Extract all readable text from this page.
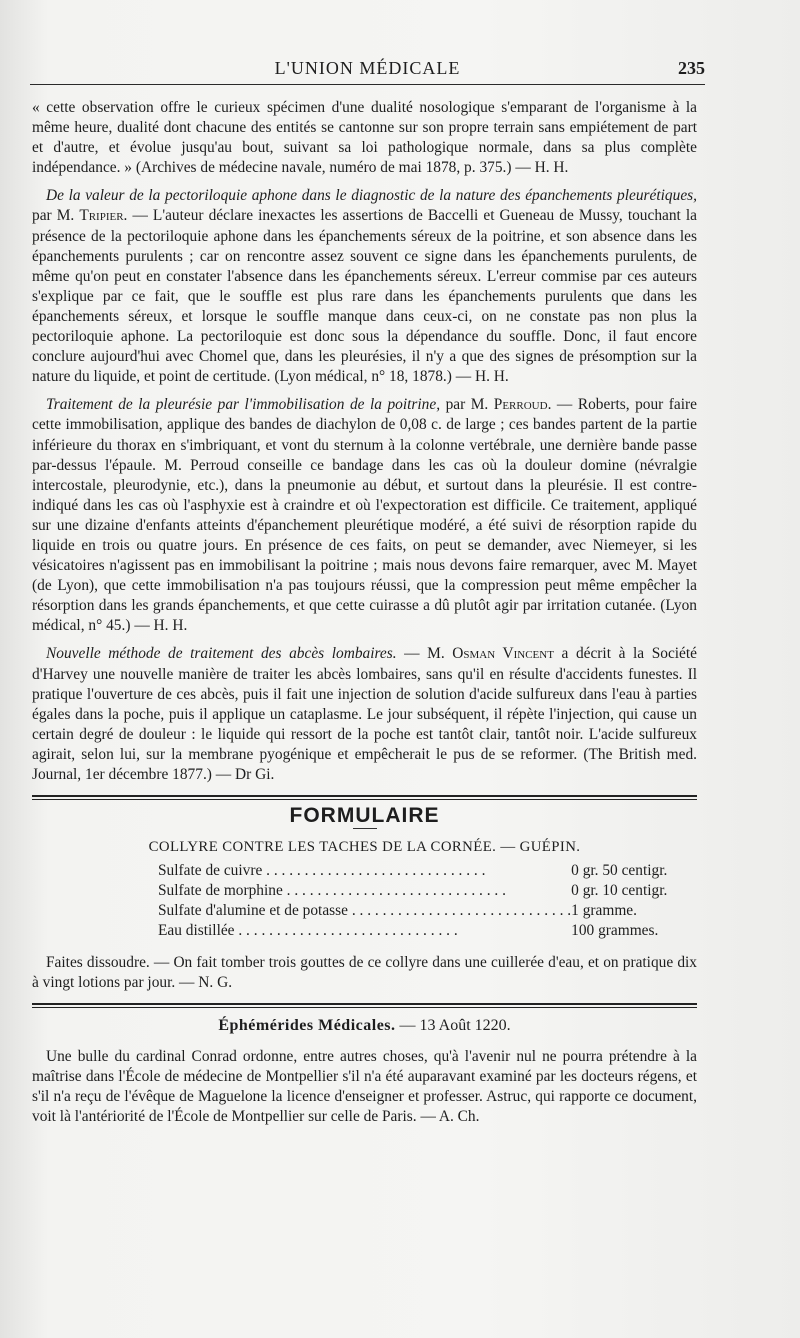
L'UNION MÉDICALE	235

« cette observation offre le curieux spécimen d'une dualité nosologique s'emparant de l'organisme à la même heure, dualité dont chacune des entités se cantonne sur son propre terrain sans empiétement de part et d'autre, et évolue jusqu'au bout, suivant sa loi pathologique normale, dans sa plus complète indépendance. » (Archives de médecine navale, numéro de mai 1878, p. 375.) — H. H.

De la valeur de la pectoriloquie aphone dans le diagnostic de la nature des épanchements pleurétiques, par M. Tripier. — L'auteur déclare inexactes les assertions de Baccelli et Gueneau de Mussy, touchant la présence de la pectoriloquie aphone dans les épanchements séreux de la poitrine, et son absence dans les épanchements purulents ; car on rencontre assez souvent ce signe dans les épanchements purulents, de même qu'on peut en constater l'absence dans les épanchements séreux. L'erreur commise par ces auteurs s'explique par ce fait, que le souffle est plus rare dans les épanchements purulents que dans les épanchements séreux, et lorsque le souffle manque dans ceux-ci, on ne constate pas non plus la pectoriloquie aphone. La pectoriloquie est donc sous la dépendance du souffle. Donc, il faut encore conclure aujourd'hui avec Chomel que, dans les pleurésies, il n'y a que des signes de présomption sur la nature du liquide, et point de certitude. (Lyon médical, n° 18, 1878.) — H. H.

Traitement de la pleurésie par l'immobilisation de la poitrine, par M. Perroud. — Roberts, pour faire cette immobilisation, applique des bandes de diachylon de 0,08 c. de large ; ces bandes partent de la partie inférieure du thorax en s'imbriquant, et vont du sternum à la colonne vertébrale, une dernière bande passe par-dessus l'épaule. M. Perroud conseille ce bandage dans les cas où la douleur domine (névralgie intercostale, pleurodynie, etc.), dans la pneumonie au début, et surtout dans la pleurésie. Il est contre-indiqué dans les cas où l'asphyxie est à craindre et où l'expectoration est difficile. Ce traitement, appliqué sur une dizaine d'enfants atteints d'épanchement pleurétique modéré, a été suivi de résorption rapide du liquide en trois ou quatre jours. En présence de ces faits, on peut se demander, avec Niemeyer, si les vésicatoires n'agissent pas en immobilisant la poitrine ; mais nous devons faire remarquer, avec M. Mayet (de Lyon), que cette immobilisation n'a pas toujours réussi, que la compression peut même empêcher la résorption dans les grands épanchements, et que cette cuirasse a dû plutôt agir par irritation cutanée. (Lyon médical, n° 45.) — H. H.

Nouvelle méthode de traitement des abcès lombaires. — M. Osman Vincent a décrit à la Société d'Harvey une nouvelle manière de traiter les abcès lombaires, sans qu'il en résulte d'accidents funestes. Il pratique l'ouverture de ces abcès, puis il fait une injection de solution d'acide sulfureux dans l'eau à parties égales dans la poche, puis il applique un cataplasme. Le jour subséquent, il répète l'injection, qui cause un certain degré de douleur : le liquide qui ressort de la poche est tantôt clair, tantôt noir. L'acide sulfureux agirait, selon lui, sur la membrane pyogénique et empêcherait le pus de se reformer. (The British med. Journal, 1er décembre 1877.) — Dr Gi.

FORMULAIRE
COLLYRE CONTRE LES TACHES DE LA CORNÉE. — GUÉPIN.
Sulfate de cuivre . . .	0 gr. 50 centigr.
Sulfate de morphine . . .	0 gr. 10 centigr.
Sulfate d'alumine et de potasse . . .	1 gramme.
Eau distillée . . .	100 grammes.

Faites dissoudre. — On fait tomber trois gouttes de ce collyre dans une cuillerée d'eau, et on pratique dix à vingt lotions par jour. — N. G.

Éphémérides Médicales. — 13 Août 1220.

Une bulle du cardinal Conrad ordonne, entre autres choses, qu'à l'avenir nul ne pourra prétendre à la maîtrise dans l'École de médecine de Montpellier s'il n'a été auparavant examiné par les docteurs régens, et s'il n'a reçu de l'évêque de Maguelone la licence d'enseigner et professer. Astruc, qui rapporte ce document, voit là l'antériorité de l'École de Montpellier sur celle de Paris. — A. Ch.
